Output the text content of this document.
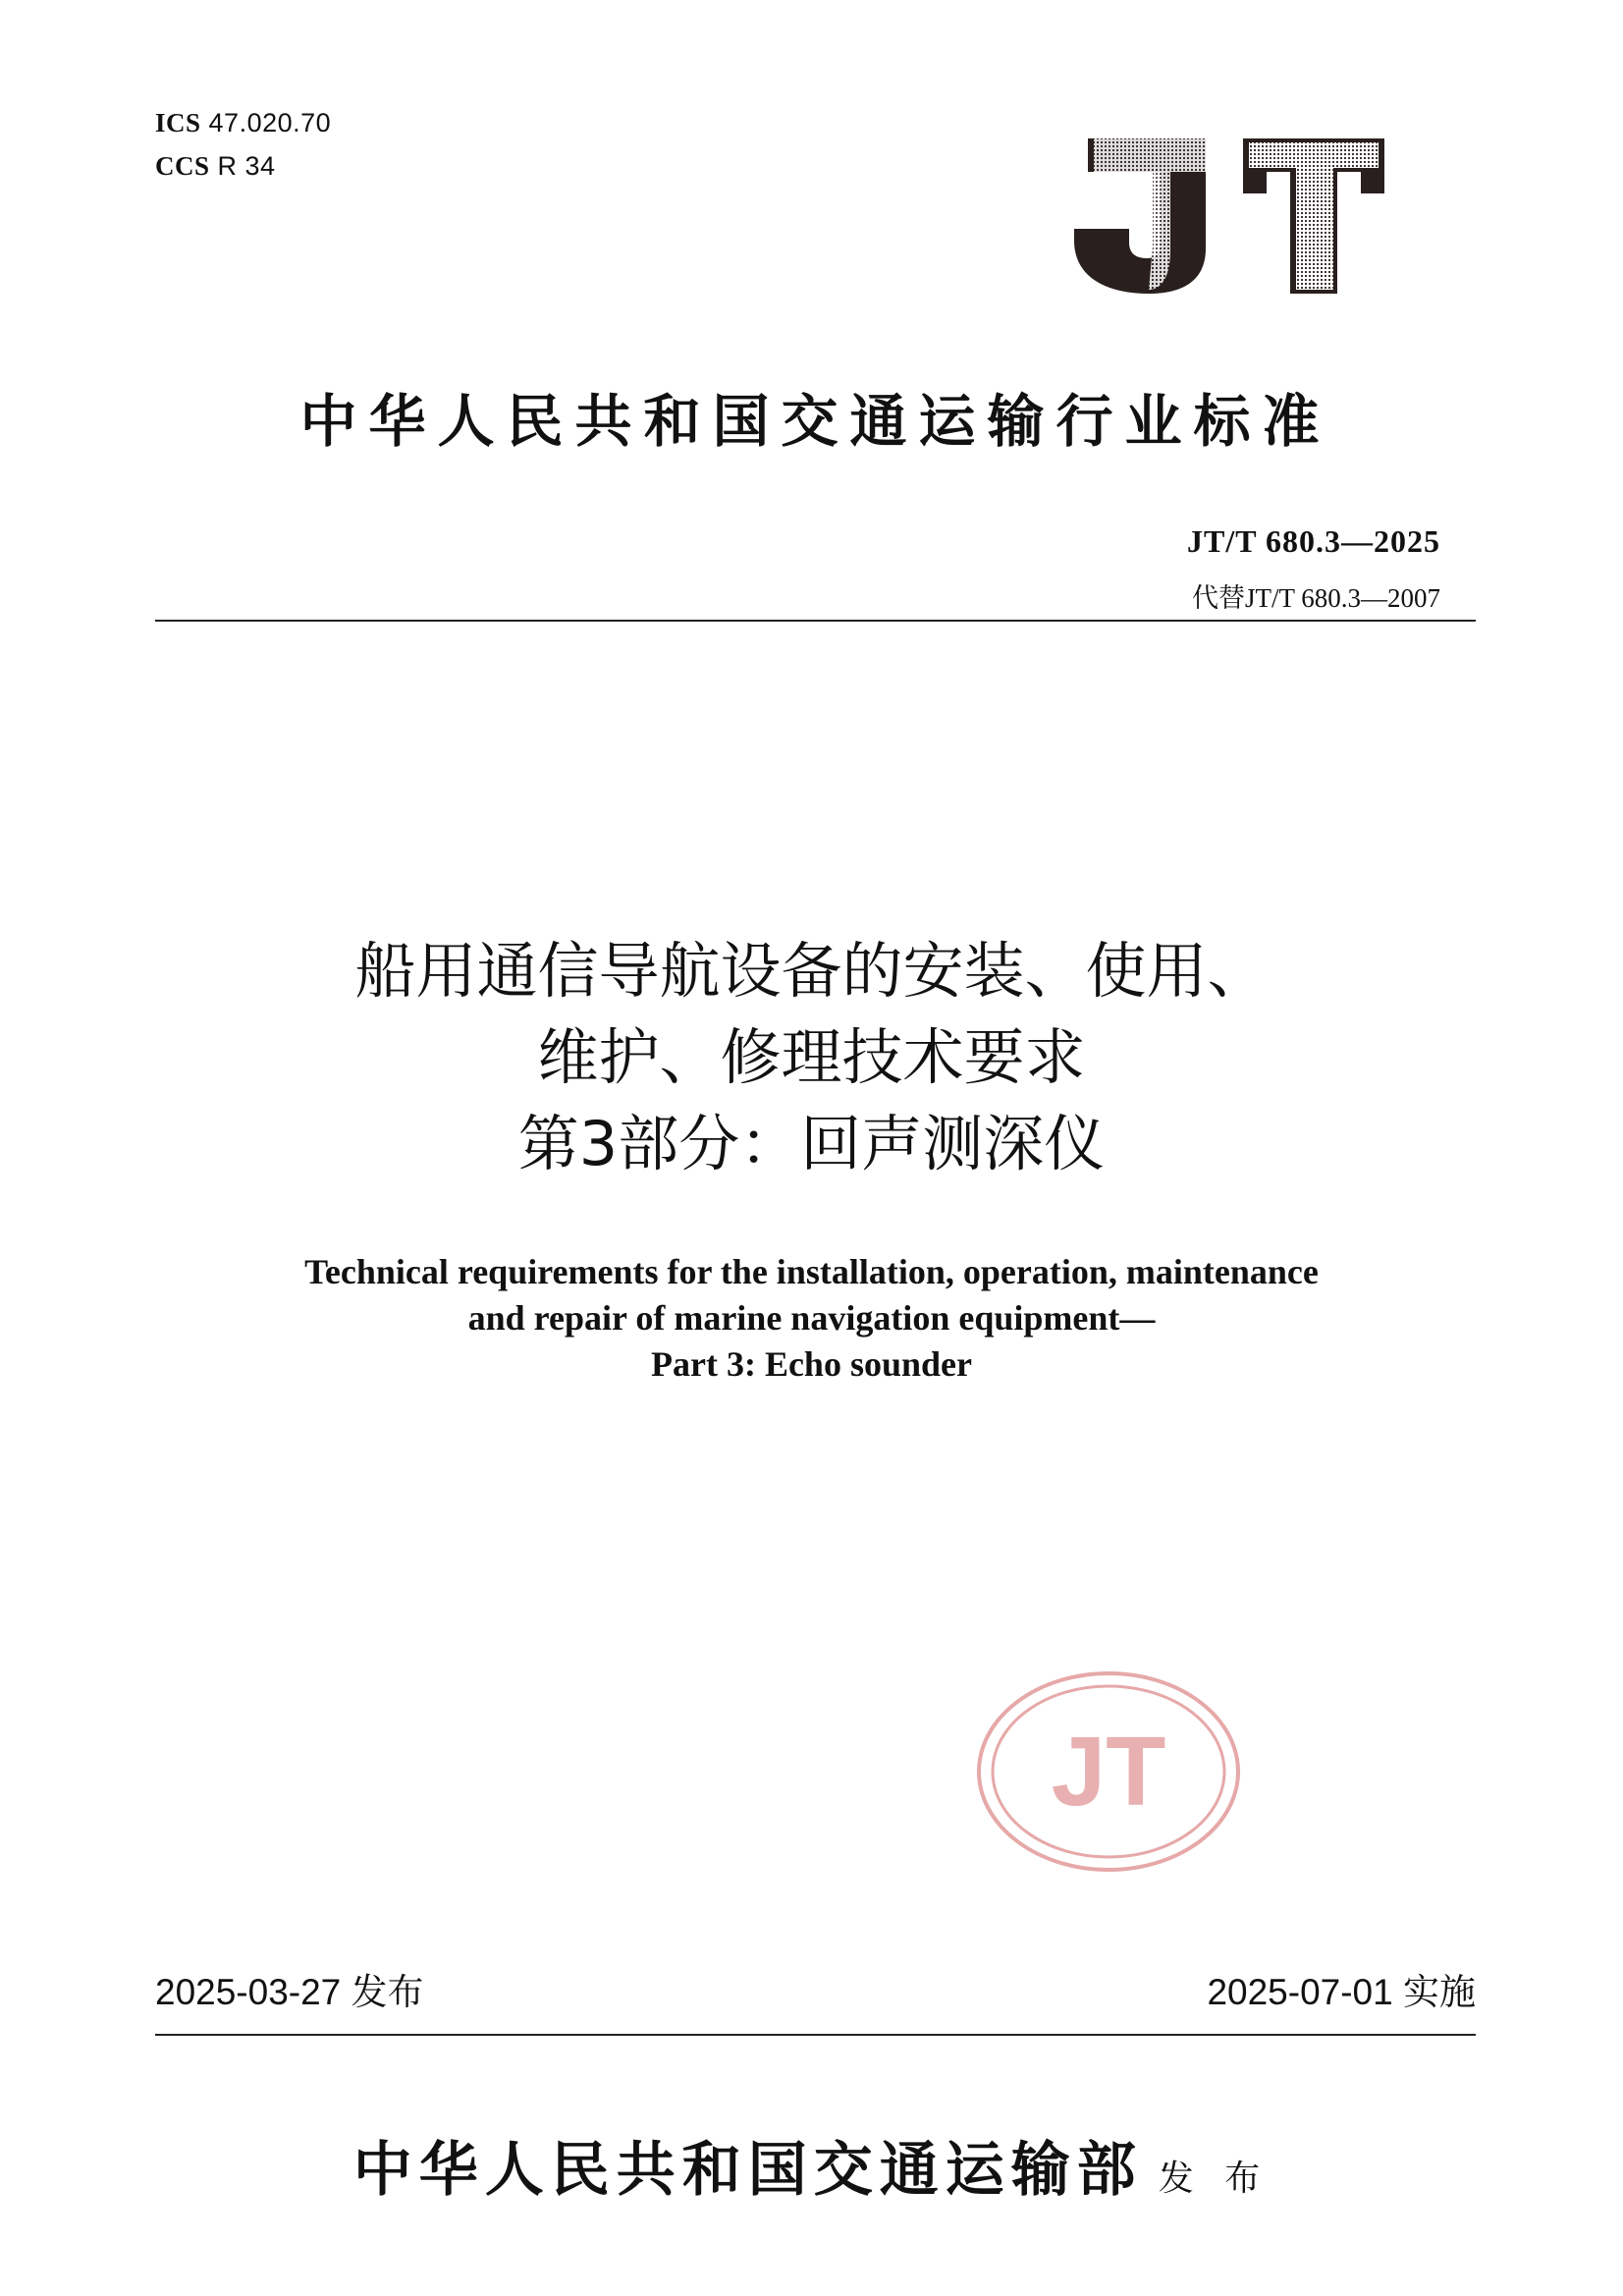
ICS 47.020.70
CCS R 34
JT
中华人民共和国交通运输行业标准
JT/T 680.3—2025
代替JT/T 680.3—2007
船用通信导航设备的安装、使用、
维护、修理技术要求
第3部分：回声测深仪
Technical requirements for the installation, operation, maintenance
and repair of marine navigation equipment—
Part 3: Echo sounder
JT
2025-03-27 发布	2025-07-01 实施
中华人民共和国交通运输部 发 布
